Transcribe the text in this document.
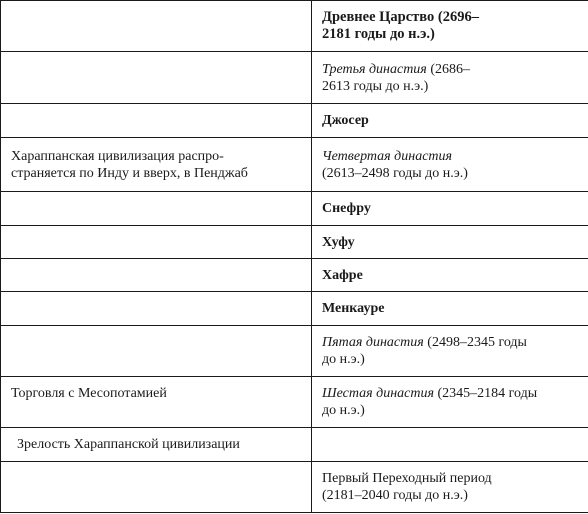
	Древнее Царство (2696–
2181 годы до н.э.)
	Третья династия (2686–
2613 годы до н.э.)
	Джосер
Хараппанская цивилизация распро-
страняется по Инду и вверх, в Пенджаб	Четвертая династия
(2613–2498 годы до н.э.)
	Снефру
	Хуфу
	Хафре
	Менкауре
	Пятая династия (2498–2345 годы
до н.э.)
Торговля с Месопотамией	Шестая династия (2345–2184 годы
до н.э.)
Зрелость Хараппанской цивилизации	
	Первый Переходный период
(2181–2040 годы до н.э.)
